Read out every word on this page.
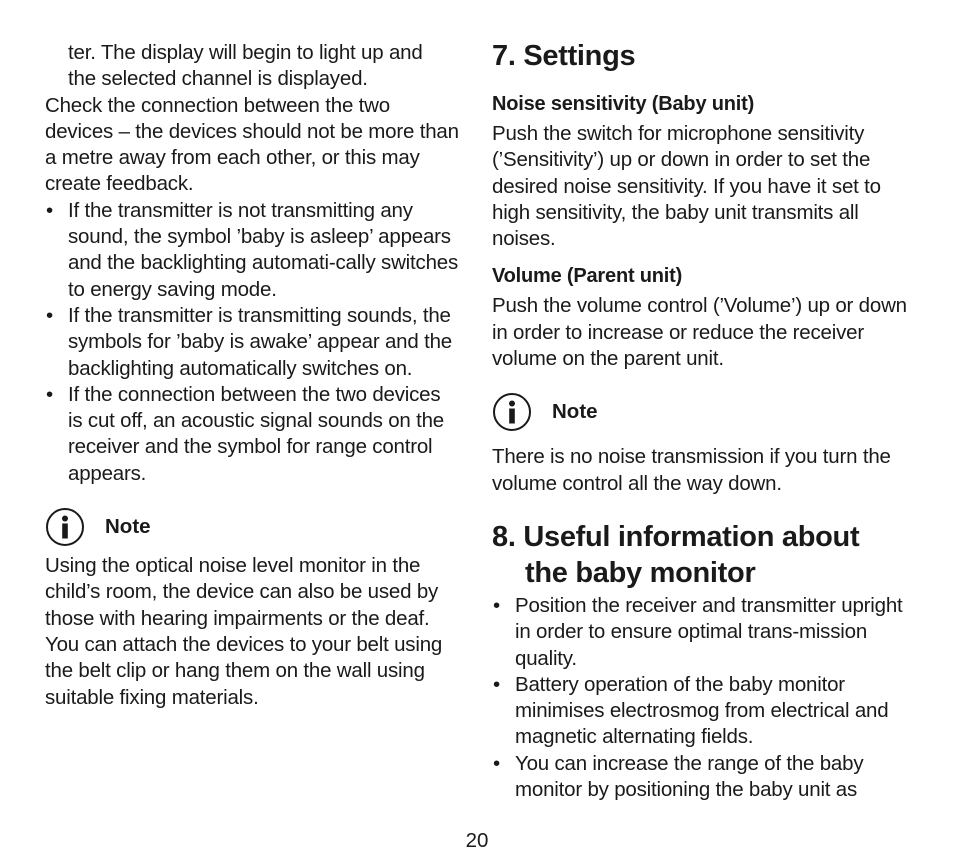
ter. The display will begin to light up and

the selected channel is displayed.

Check the connection between the two devices – the devices should not be more than a metre away from each other, or this may create feedback.

• If the transmitter is not transmitting any sound, the symbol ’baby is asleep’ appears and the backlighting automati-cally switches to energy saving mode.
• If the transmitter is transmitting sounds, the symbols for ’baby is awake’ appear and the backlighting automatically switches on.
• If the connection between the two devices is cut off, an acoustic signal sounds on the receiver and the symbol for range control appears.
Note

Using the optical noise level monitor in the child’s room, the device can also be used by those with hearing impairments or the deaf.

You can attach the devices to your belt using the belt clip or hang them on the wall using suitable fixing materials.

7. Settings
Noise sensitivity (Baby unit)

Push the switch for microphone sensitivity (’Sensitivity’) up or down in order to set the desired noise sensitivity. If you have it set to high sensitivity, the baby unit transmits all noises.

Volume (Parent unit)

Push the volume control (’Volume’) up or down in order to increase or reduce the receiver volume on the parent unit.

Note

There is no noise transmission if you turn the volume control all the way down.

8. Useful information about
the baby monitor
• Position the receiver and transmitter upright in order to ensure optimal trans-mission quality.
• Battery operation of the baby monitor minimises electrosmog from electrical and magnetic alternating fields.
• You can increase the range of the baby monitor by positioning the baby unit as
20
